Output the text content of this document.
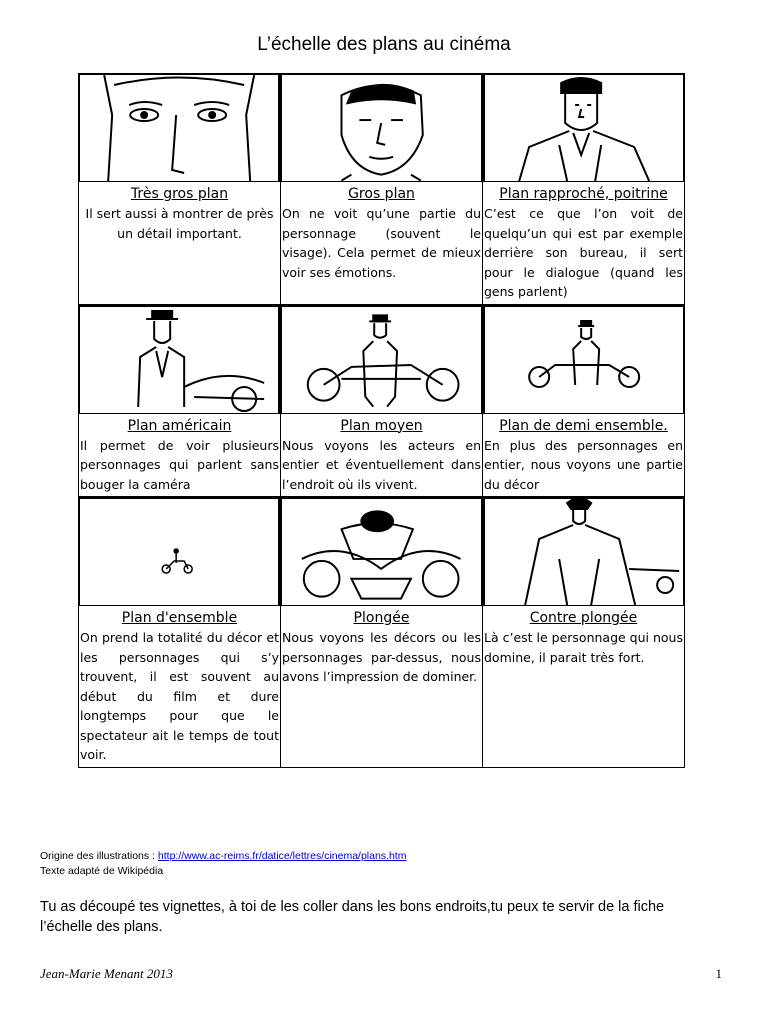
L’échelle des plans au cinéma
Très gros plan
Il sert aussi à montrer de près un détail important.
Gros plan
On ne voit qu’une partie du personnage (souvent le visage). Cela permet de mieux voir ses émotions.
Plan rapproché, poitrine
C’est ce que l’on voit de quelqu’un qui est par exemple derrière son bureau, il sert pour le dialogue (quand les gens parlent)
Plan américain
Il permet de voir plusieurs personnages qui parlent sans bouger la caméra
Plan moyen
Nous voyons les acteurs en entier et éventuellement dans l’endroit où ils vivent.
Plan de demi ensemble.
En plus des personnages en entier, nous voyons une partie du décor
Plan d'ensemble
On prend la totalité du décor et les personnages qui s’y trouvent, il est souvent au début du film et dure longtemps pour que le spectateur ait le temps de tout voir.
Plongée
Nous voyons les décors ou les personnages par-dessus, nous avons l’impression de dominer.
Contre plongée
Là c’est le personnage qui nous domine, il parait très fort.
Origine des illustrations : http://www.ac-reims.fr/datice/lettres/cinema/plans.htm
Texte adapté de Wikipédia
Tu as découpé tes vignettes, à toi de les coller dans les bons endroits,tu peux te servir de la fiche l’échelle des plans.
Jean-Marie Menant 2013	1
